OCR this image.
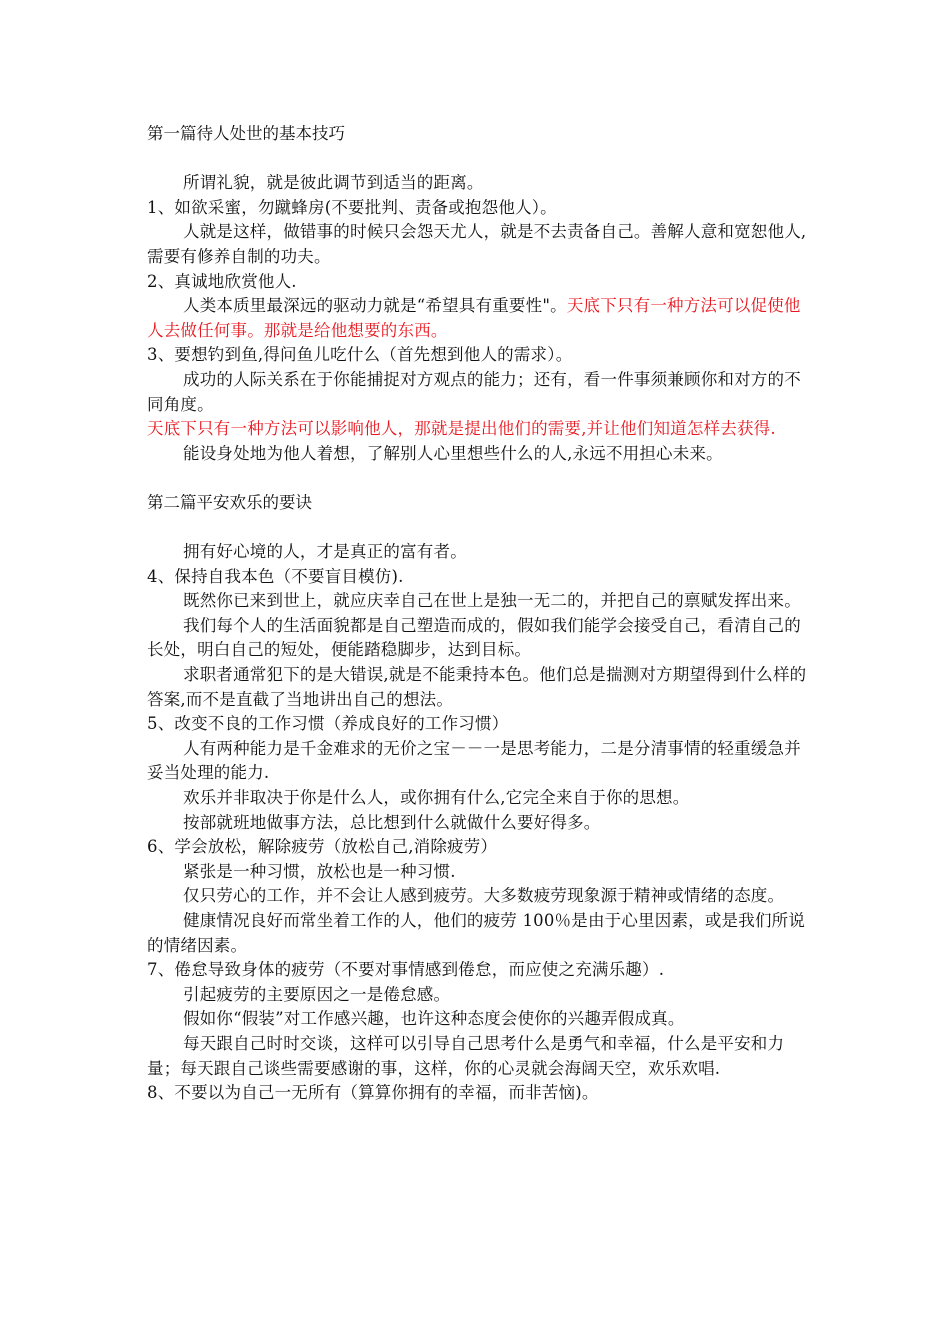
第一篇待人处世的基本技巧
所谓礼貌，就是彼此调节到适当的距离。
1、如欲采蜜，勿蹴蜂房(不要批判、责备或抱怨他人）。
人就是这样，做错事的时候只会怨天尤人，就是不去责备自己。善解人意和宽恕他人,需要有修养自制的功夫。
2、真诚地欣赏他人.
人类本质里最深远的驱动力就是“希望具有重要性"。天底下只有一种方法可以促使他人去做任何事。那就是给他想要的东西。
3、要想钓到鱼,得问鱼儿吃什么（首先想到他人的需求）。
成功的人际关系在于你能捕捉对方观点的能力；还有，看一件事须兼顾你和对方的不同角度。
天底下只有一种方法可以影响他人，那就是提出他们的需要,并让他们知道怎样去获得.
能设身处地为他人着想，了解别人心里想些什么的人,永远不用担心未来。
第二篇平安欢乐的要诀
拥有好心境的人，才是真正的富有者。
4、保持自我本色（不要盲目模仿).
既然你已来到世上，就应庆幸自己在世上是独一无二的，并把自己的禀赋发挥出来。
我们每个人的生活面貌都是自己塑造而成的，假如我们能学会接受自己，看清自己的长处，明白自己的短处，便能踏稳脚步，达到目标。
求职者通常犯下的是大错误,就是不能秉持本色。他们总是揣测对方期望得到什么样的答案,而不是直截了当地讲出自己的想法。
5、改变不良的工作习惯（养成良好的工作习惯）
人有两种能力是千金难求的无价之宝－－一是思考能力，二是分清事情的轻重缓急并妥当处理的能力.
欢乐并非取决于你是什么人，或你拥有什么,它完全来自于你的思想。
按部就班地做事方法，总比想到什么就做什么要好得多。
6、学会放松，解除疲劳（放松自己,消除疲劳）
紧张是一种习惯，放松也是一种习惯.
仅只劳心的工作，并不会让人感到疲劳。大多数疲劳现象源于精神或情绪的态度。
健康情况良好而常坐着工作的人，他们的疲劳 100％是由于心里因素，或是我们所说的情绪因素。
7、倦怠导致身体的疲劳（不要对事情感到倦怠，而应使之充满乐趣）.
引起疲劳的主要原因之一是倦怠感。
假如你“假装”对工作感兴趣，也许这种态度会使你的兴趣弄假成真。
每天跟自己时时交谈，这样可以引导自己思考什么是勇气和幸福，什么是平安和力量；每天跟自己谈些需要感谢的事，这样，你的心灵就会海阔天空，欢乐欢唱.
8、不要以为自己一无所有（算算你拥有的幸福，而非苦恼)。
